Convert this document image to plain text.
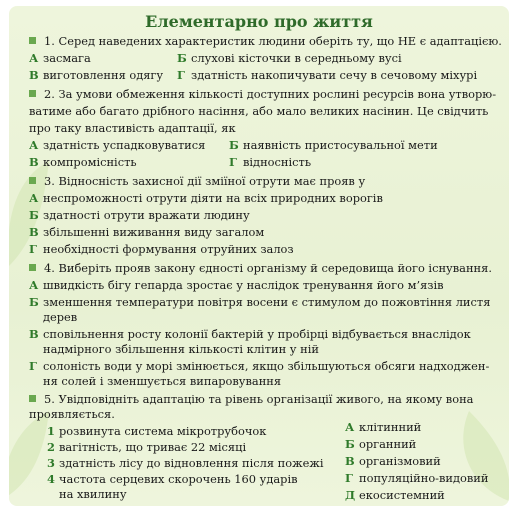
Елементарно про життя
1. Серед наведених характеристик людини оберіть ту, що НЕ є адаптацією.
А засмага	Б слухові кісточки в середньому вусі
В виготовлення одягу Г здатність накопичувати сечу в сечовому міхурі
2. За умови обмеження кількості доступних рослині ресурсів вона утворю-
ватиме або багато дрібного насіння, або мало великих насінин. Це свідчить
про таку властивість адаптації, як
А здатність успадковуватися Б наявність пристосувальної мети
В компромісність	Г відносність
3. Відносність захисної дії зміїної отрути має прояв у
А неспроможності отрути діяти на всіх природних ворогів
Б здатності отрути вражати людину
В збільшенні виживання виду загалом
Г необхідності формування отруйних залоз
4. Виберіть прояв закону єдності організму й середовища його існування.
А швидкість бігу гепарда зростає у наслідок тренування його м’язів
Б зменшення температури повітря восени є стимулом до пожовтіння листя
дерев
В сповільнення росту колонії бактерій у пробірці відбувається внаслідок
надмірного збільшення кількості клітин у ній
Г солоність води у морі змінюється, якщо збільшуються обсяги надходжен-
ня солей і зменшується випаровування
5. Увідповідніть адаптацію та рівень організації живого, на якому вона
проявляється.
1 розвинута система мікротрубочок
2 вагітність, що триває 22 місяці
3 здатність лісу до відновлення після пожежі
4 частота серцевих скорочень 160 ударів
на хвилину
А клітинний
Б органний
В організмовий
Г популяційно-видовий
Д екосистемний
